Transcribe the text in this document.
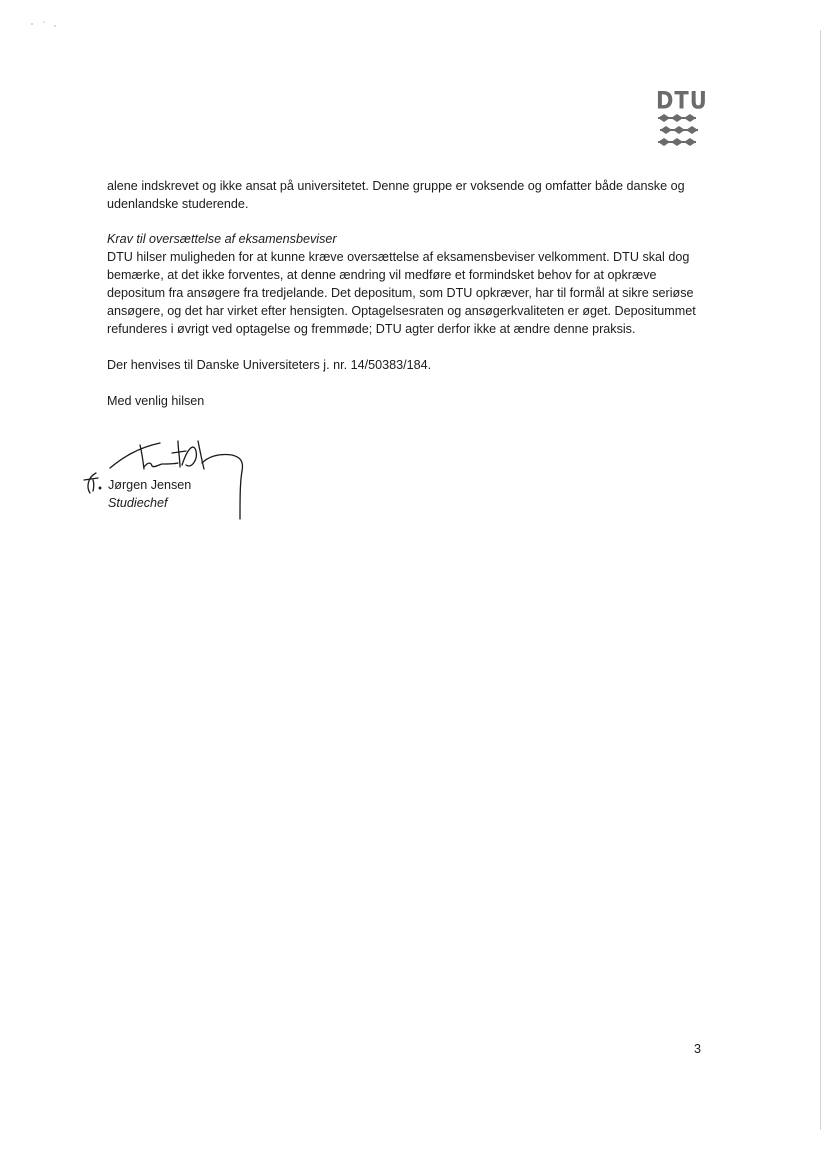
DTU

alene indskrevet og ikke ansat på universitetet. Denne gruppe er voksende og omfatter både danske og udenlandske studerende.

Krav til oversættelse af eksamensbeviser

DTU hilser muligheden for at kunne kræve oversættelse af eksamensbeviser velkomment. DTU skal dog bemærke, at det ikke forventes, at denne ændring vil medføre et formindsket behov for at opkræve depositum fra ansøgere fra tredjelande. Det depositum, som DTU opkræver, har til formål at sikre seriøse ansøgere, og det har virket efter hensigten. Optagelsesraten og ansøgerkvaliteten er øget. Depositummet refunderes i øvrigt ved optagelse og fremmøde; DTU agter derfor ikke at ændre denne praksis.

Der henvises til Danske Universiteters j. nr. 14/50383/184.

Med venlig hilsen

Jørgen Jensen
Studiechef
3
